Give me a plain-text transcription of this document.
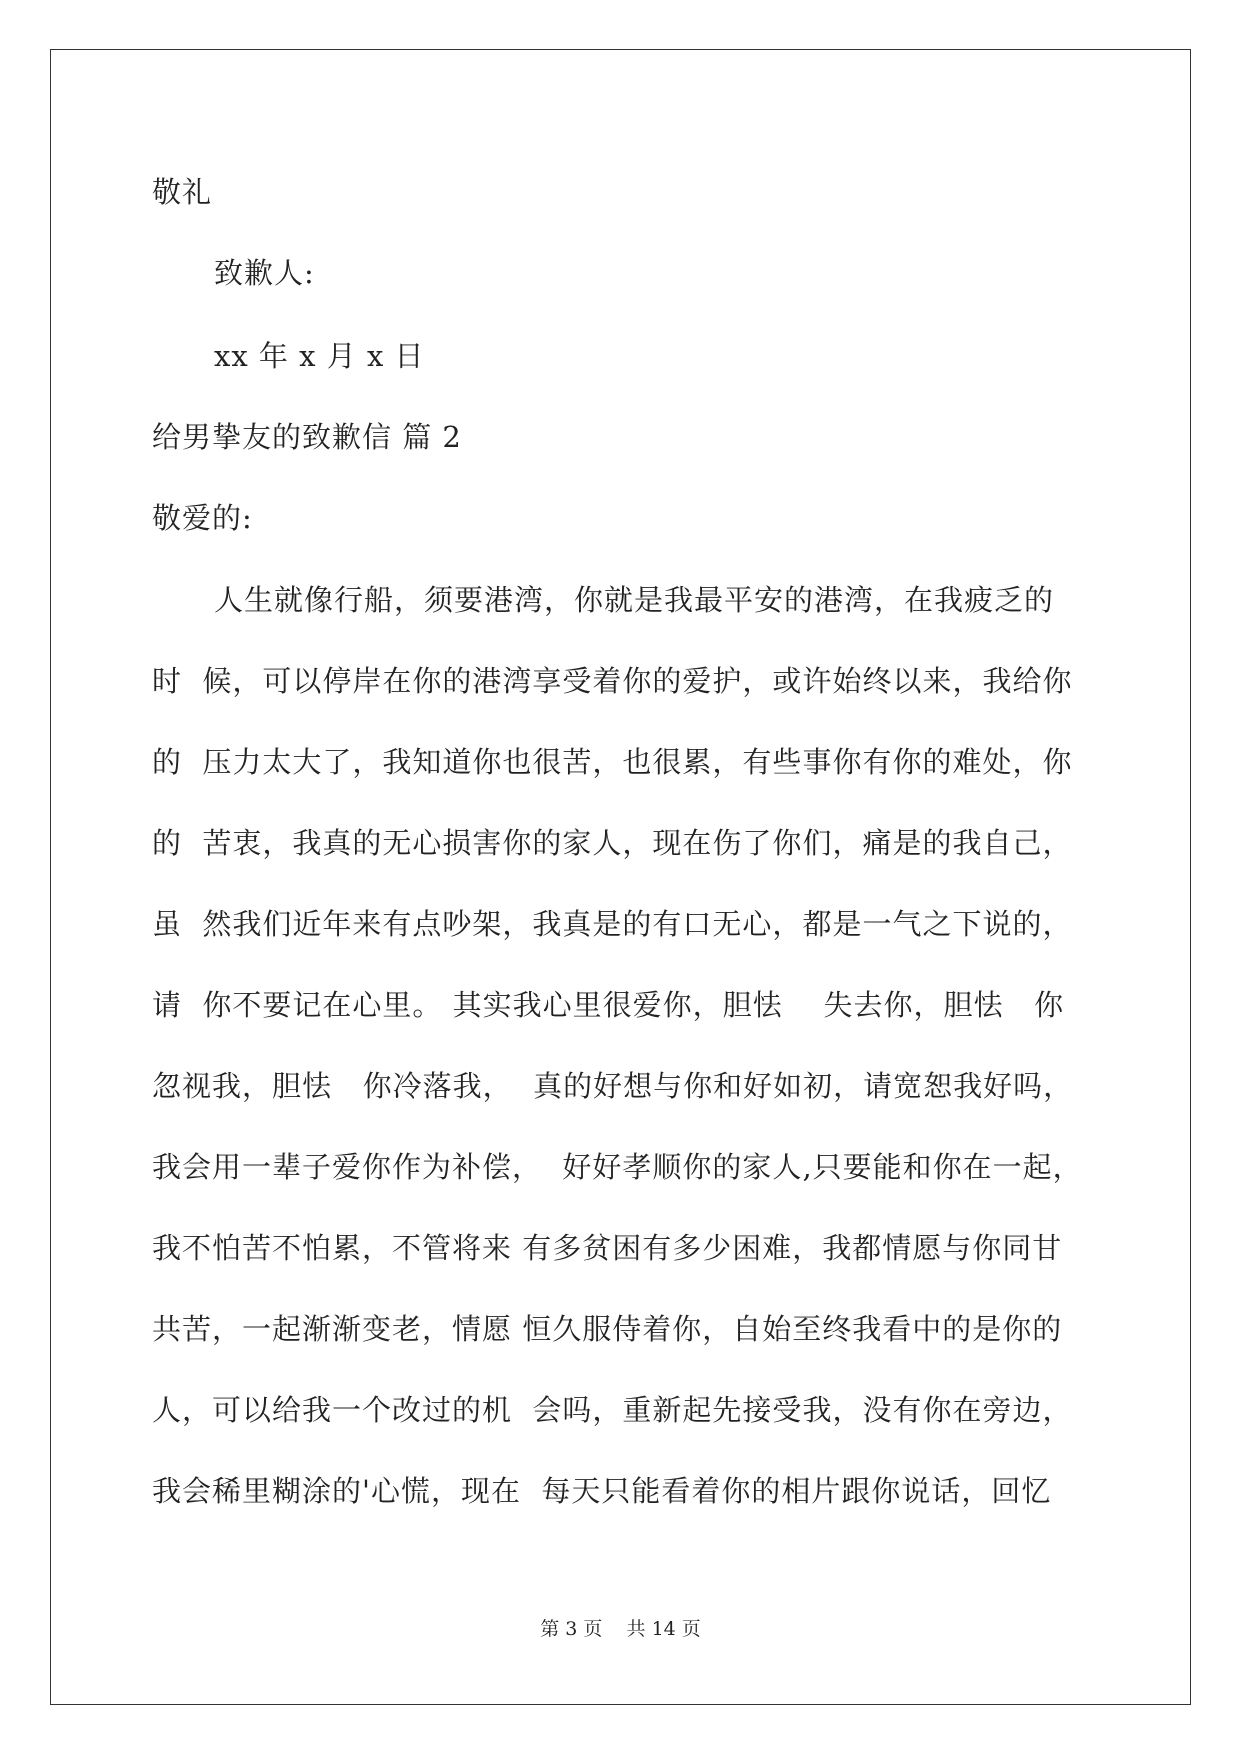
敬礼
致歉人:
xx 年 x 月 x 日
给男挚友的致歉信 篇 2
敬爱的:
人生就像行船，须要港湾，你就是我最平安的港湾，在我疲乏的
时  候，可以停岸在你的港湾享受着你的爱护，或许始终以来，我给你
的  压力太大了，我知道你也很苦，也很累，有些事你有你的难处，你
的  苦衷，我真的无心损害你的家人，现在伤了你们，痛是的我自己，
虽  然我们近年来有点吵架，我真是的有口无心，都是一气之下说的，
请  你不要记在心里。 其实我心里很爱你，胆怯    失去你，胆怯   你
忽视我，胆怯   你冷落我，  真的好想与你和好如初，请宽恕我好吗，
我会用一辈子爱你作为补偿，  好好孝顺你的家人,只要能和你在一起，
我不怕苦不怕累，不管将来 有多贫困有多少困难，我都情愿与你同甘
共苦，一起渐渐变老，情愿 恒久服侍着你，自始至终我看中的是你的
人，可以给我一个改过的机  会吗，重新起先接受我，没有你在旁边，
我会稀里糊涂的'心慌，现在  每天只能看着你的相片跟你说话，回忆
第 3 页    共 14 页
